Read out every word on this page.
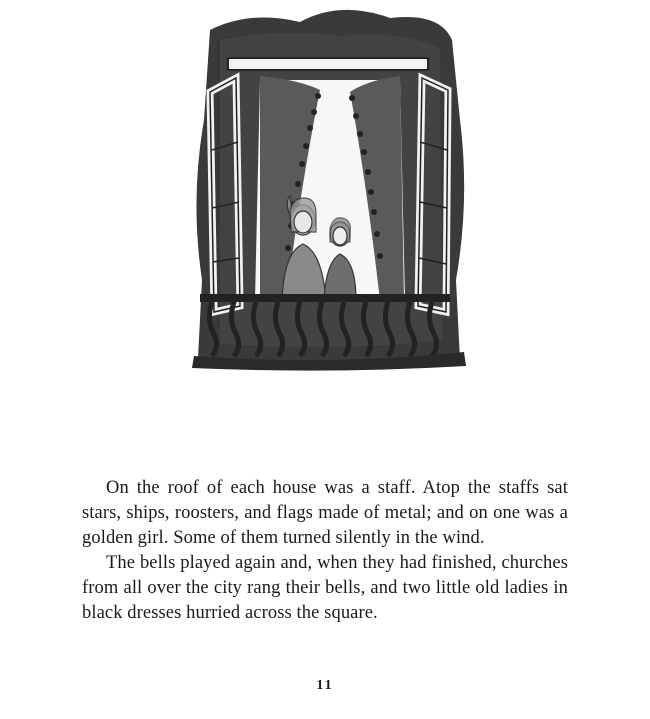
On the roof of each house was a staff. Atop the staffs sat stars, ships, roosters, and flags made of metal; and on one was a golden girl. Some of them turned silently in the wind.

The bells played again and, when they had finished, churches from all over the city rang their bells, and two little old ladies in black dresses hurried across the square.

11
